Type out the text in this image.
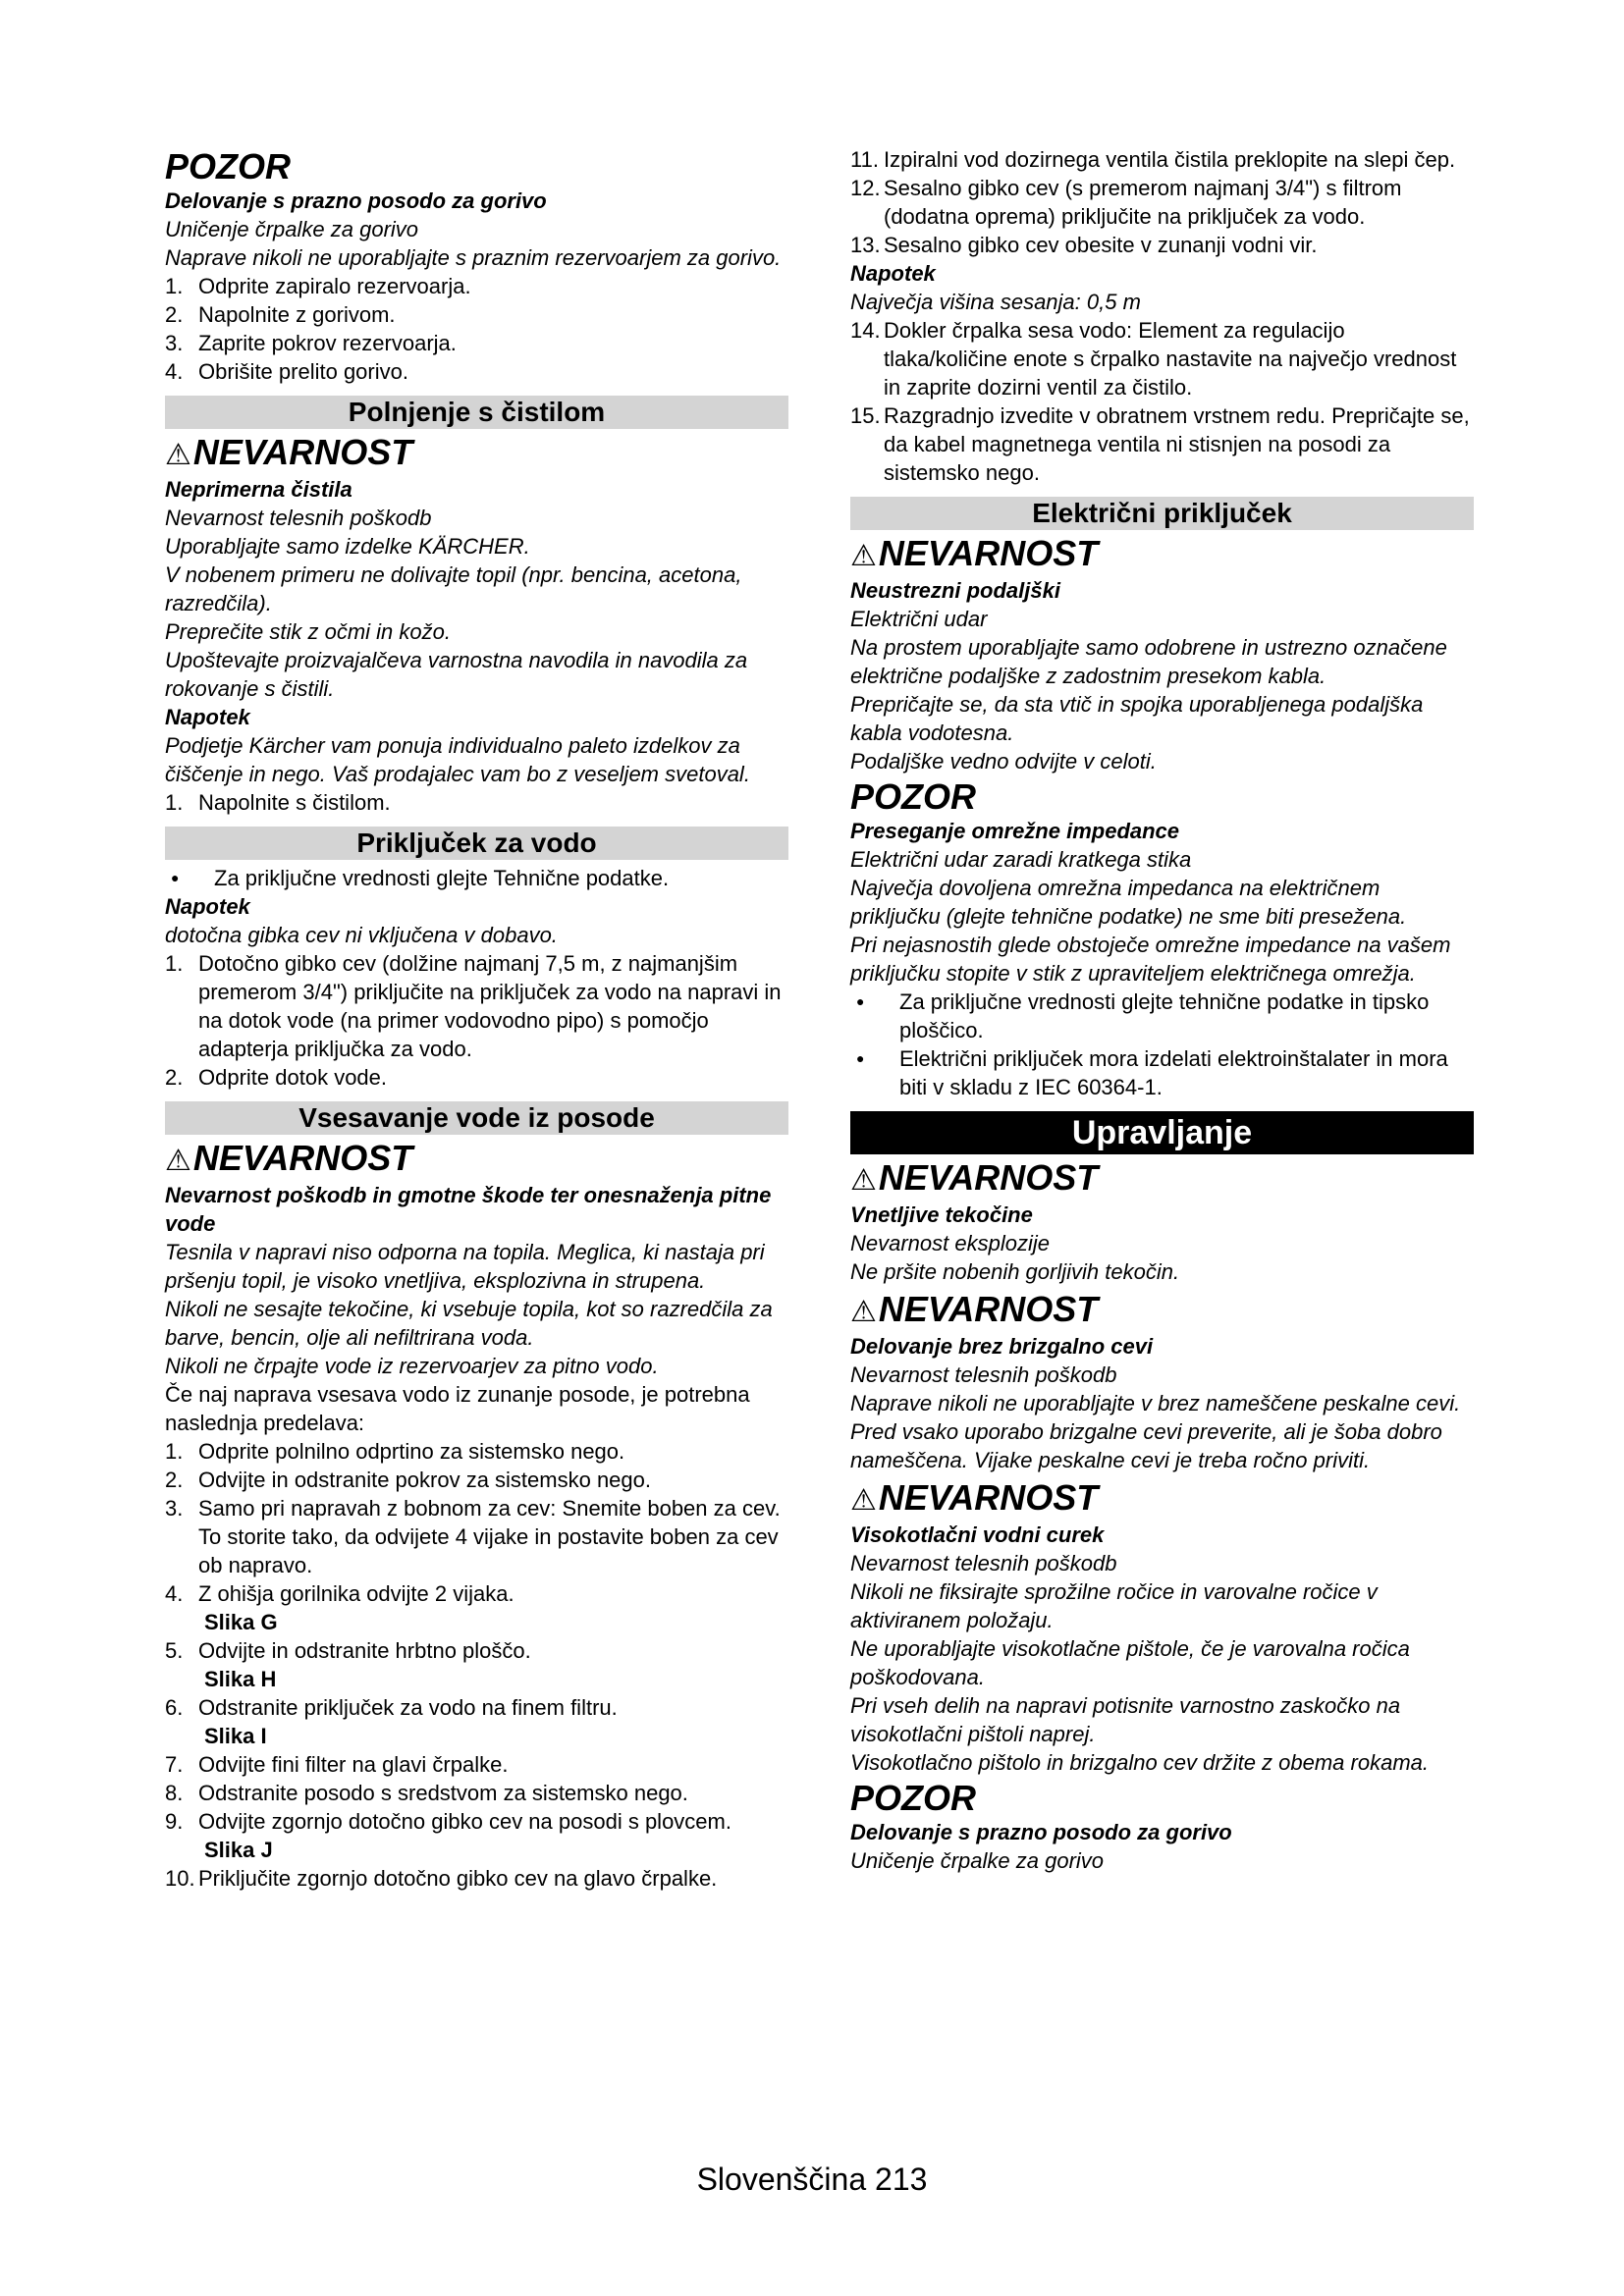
POZOR
Delovanje s prazno posodo za gorivo
Uničenje črpalke za gorivo
Naprave nikoli ne uporabljajte s praznim rezervoarjem za gorivo.
1. Odprite zapiralo rezervoarja.
2. Napolnite z gorivom.
3. Zaprite pokrov rezervoarja.
4. Obrišite prelito gorivo.
Polnjenje s čistilom
⚠NEVARNOST
Neprimerna čistila
Nevarnost telesnih poškodb
Uporabljajte samo izdelke KÄRCHER.
V nobenem primeru ne dolivajte topil (npr. bencina, acetona, razredčila).
Preprečite stik z očmi in kožo.
Upoštevajte proizvajalčeva varnostna navodila in navodila za rokovanje s čistili.
Napotek
Podjetje Kärcher vam ponuja individualno paleto izdelkov za čiščenje in nego. Vaš prodajalec vam bo z veseljem svetoval.
1. Napolnite s čistilom.
Priključek za vodo
●	Za priključne vrednosti glejte Tehnične podatke.
Napotek
dotočna gibka cev ni vključena v dobavo.
1. Dotočno gibko cev (dolžine najmanj 7,5 m, z najmanjšim premerom 3/4") priključite na priključek za vodo na napravi in na dotok vode (na primer vodovodno pipo) s pomočjo adapterja priključka za vodo.
2. Odprite dotok vode.
Vsesavanje vode iz posode
⚠NEVARNOST
Nevarnost poškodb in gmotne škode ter onesnaženja pitne vode
Tesnila v napravi niso odporna na topila. Meglica, ki nastaja pri pršenju topil, je visoko vnetljiva, eksplozivna in strupena.
Nikoli ne sesajte tekočine, ki vsebuje topila, kot so razredčila za barve, bencin, olje ali nefiltrirana voda.
Nikoli ne črpajte vode iz rezervoarjev za pitno vodo.
Če naj naprava vsesava vodo iz zunanje posode, je potrebna naslednja predelava:
1. Odprite polnilno odprtino za sistemsko nego.
2. Odvijte in odstranite pokrov za sistemsko nego.
3. Samo pri napravah z bobnom za cev: Snemite boben za cev. To storite tako, da odvijete 4 vijake in postavite boben za cev ob napravo.
4. Z ohišja gorilnika odvijte 2 vijaka.
Slika G
5. Odvijte in odstranite hrbtno ploščo.
Slika H
6. Odstranite priključek za vodo na finem filtru.
Slika I
7. Odvijte fini filter na glavi črpalke.
8. Odstranite posodo s sredstvom za sistemsko nego.
9. Odvijte zgornjo dotočno gibko cev na posodi s plovcem.
Slika J
10. Priključite zgornjo dotočno gibko cev na glavo črpalke.
11. Izpiralni vod dozirnega ventila čistila preklopite na slepi čep.
12. Sesalno gibko cev (s premerom najmanj 3/4") s filtrom (dodatna oprema) priključite na priključek za vodo.
13. Sesalno gibko cev obesite v zunanji vodni vir.
Napotek
Največja višina sesanja: 0,5 m
14. Dokler črpalka sesa vodo: Element za regulacijo tlaka/količine enote s črpalko nastavite na največjo vrednost in zaprite dozirni ventil za čistilo.
15. Razgradnjo izvedite v obratnem vrstnem redu. Prepričajte se, da kabel magnetnega ventila ni stisnjen na posodi za sistemsko nego.
Električni priključek
⚠NEVARNOST
Neustrezni podaljški
Električni udar
Na prostem uporabljajte samo odobrene in ustrezno označene električne podaljške z zadostnim presekom kabla.
Prepričajte se, da sta vtič in spojka uporabljenega podaljška kabla vodotesna.
Podaljške vedno odvijte v celoti.
POZOR
Preseganje omrežne impedance
Električni udar zaradi kratkega stika
Največja dovoljena omrežna impedanca na električnem priključku (glejte tehnične podatke) ne sme biti presežena.
Pri nejasnostih glede obstoječe omrežne impedance na vašem priključku stopite v stik z upraviteljem električnega omrežja.
●	Za priključne vrednosti glejte tehnične podatke in tipsko ploščico.
●	Električni priključek mora izdelati elektroinštalater in mora biti v skladu z IEC 60364-1.
Upravljanje
⚠NEVARNOST
Vnetljive tekočine
Nevarnost eksplozije
Ne pršite nobenih gorljivih tekočin.
⚠NEVARNOST
Delovanje brez brizgalno cevi
Nevarnost telesnih poškodb
Naprave nikoli ne uporabljajte v brez nameščene peskalne cevi.
Pred vsako uporabo brizgalne cevi preverite, ali je šoba dobro nameščena. Vijake peskalne cevi je treba ročno priviti.
⚠NEVARNOST
Visokotlačni vodni curek
Nevarnost telesnih poškodb
Nikoli ne fiksirajte sprožilne ročice in varovalne ročice v aktiviranem položaju.
Ne uporabljajte visokotlačne pištole, če je varovalna ročica poškodovana.
Pri vseh delih na napravi potisnite varnostno zaskočko na visokotlačni pištoli naprej.
Visokotlačno pištolo in brizgalno cev držite z obema rokama.
POZOR
Delovanje s prazno posodo za gorivo
Uničenje črpalke za gorivo
Slovenščina 213
